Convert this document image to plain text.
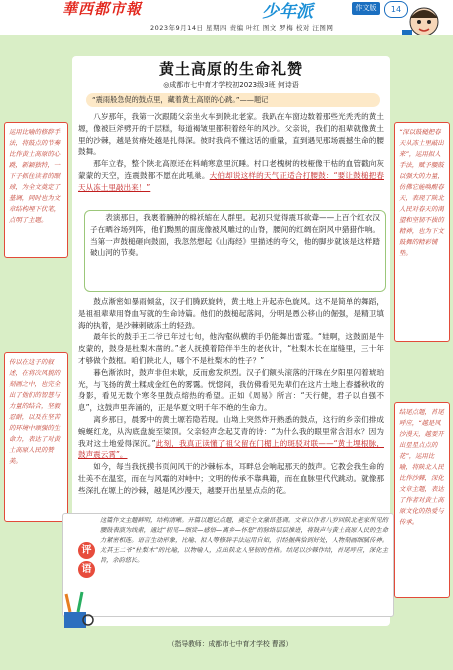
華西都市報	少年派	作文版	14
2023年9月14日 星期四 责编 叶红 图文 罗梅 校对 汪图网
黄土高原的生命礼赞
◎成都市七中育才学校初2023级3班 何诗语
“震雨般急促的鼓点里，藏着黄土高原的心跳。”——题记

八岁那年，我第一次跟随父亲坐火车到陕北老家。我趴在车窗边数着那些光秃秃的黄土塬，像被巨斧劈开的千层糕，每道褐皱里都积着经年的风沙。父亲说，我们的祖辈就像黄土里的沙棘，越是贫瘠处越是扎得深。彼时我尚不懂这话的重量，直到遇见那场震撼生命的腰鼓舞。

那年立春，整个陕北高原还在料峭寒意里沉睡。村口老槐树的枝桠像干枯的血管戳向灰蒙蒙的天空，连震鼓都不愿在此吼巢。大伯却说这样的天气正适合打腰鼓：“要让鼓槌把春天从冻土里敲出来！”

表演那日，我裹着臃肿的棉袄缩在人群里。起初只觉得震耳欲聋——上百个红衣汉子在晒谷场列阵，他们黝黑的面庞像被风雕过的山脊，腰间的红绸在阴风中猎猎作响。当第一声鼓槌砸向鼓面，我忽然想起《山海经》里描述的夸父，他的脚步就该是这样踏破山河的节奏。

鼓点渐密如暴雨倾盆，汉子们腾跃旋转，黄土地上升起赤色旋风。这不是简单的舞蹈，是祖祖辈辈用脊血写就的生命诗篇。他们的鼓槌起落间，分明是愚公移山的倔强，是精卫填海的执着，是沙棘刺破冻土的轻劲。

最年长的鼓手王二爷已年过七旬，他沟壑纵横的手仍能舞出雷霆。“娃啊，这鼓面是牛皮蒙的，鼓身是杜梨木凿的。”老人抚摸着陪伴半生的老伙计，“杜梨木长在崖缝里，三十年才够做个鼓框。咱们陕北人，哪个不是杜梨木的性子？”

暮色渐浓时，鼓声非但未歇，反而愈发炽烈。汉子们额头滚落的汗珠在夕阳里闪着琥珀光，与飞扬的黄土糅成金红色的雾霭。恍惚间，我仿佛看见先辈们在这片土地上春播秋收的身影，看见无数个寒冬里鼓点熔热的希望。正如《周易》所言：“天行健，君子以自强不息”，这鼓声里奔涌的，正是华夏文明千年不绝的生命力。

离乡那日，晨雾中的黄土塬若隐若现。山坳上突然炸开熟悉的鼓点，这行的乡亲们排成蜿蜒红龙，从沟底盘旋至梁顶。父亲轻声念起艾青的诗：“为什么我的眼里常含泪水？因为我对这土地爱得深沉。”此刻，我真正读懂了祖父留在门楣上的斑驳对联——“黄土埋根脉，鼓声震云霄”。

如今，每当我抚摸书页间风干的沙棘标本，耳畔总会响起那天的鼓声。它教会我生命的壮美不在温室，而在与风霜的对峙中；文明的传承不靠典籍，而在血脉里代代跳动。就像那些深扎在塬上的沙棘，越是风沙漫天，越要开出星星点点的花。

运用比喻的修辞手法，将鼓点的节奏比作黄土高原的心跳，新颖独特，一下子抓住读者的眼球，为全文奠定了基调，同时也为文章结构埋下伏笔，点明了主题。
传以在这子的叙述，在将次风貌的刻画之中，也完全出了他们的智慧与力量的结合，坚毅忍耐，以及在坚苦的环境中顽强的生命力，表达了对黄土高原人民的赞美。
“深以鼓槌把春天从冻土里敲出来”，运用拟人手法，赋予腰鼓以强大的力量，仿佛它能唤醒春天，表现了陕北人民对春天的渴望和坚韧不拔的精神，也为下文鼓舞的精彩铺垫。
结尾点题，首尾呼应，“越是风沙漫天，越要开出星星点点的花”，运用比喻，将陕北人民比作沙棘，深化文章主题，表达了作者对黄土高原文化的热爱与传承。
评
语
这篇作文主题鲜明，结构清晰。开篇以题记点题，奠定全文激昂基调。文章以作者八岁回陕北老家所见的腰鼓表演为线索，通过“初见—细赏—感悟—离乡—怀想”的脉络层层推进，将鼓声与黄土高原人民的生命力紧密相连。语言生动形象，比喻、拟人等修辞手法运用自如，引经据典恰到好处，人物刻画细腻传神。尤其王二爷“杜梨木”的比喻，以物喻人，点出陕北人坚韧的性格。结尾以沙棘作结，首尾呼应，深化主旨，余韵悠长。
（指导教师：成都市七中育才学校 曹源）
